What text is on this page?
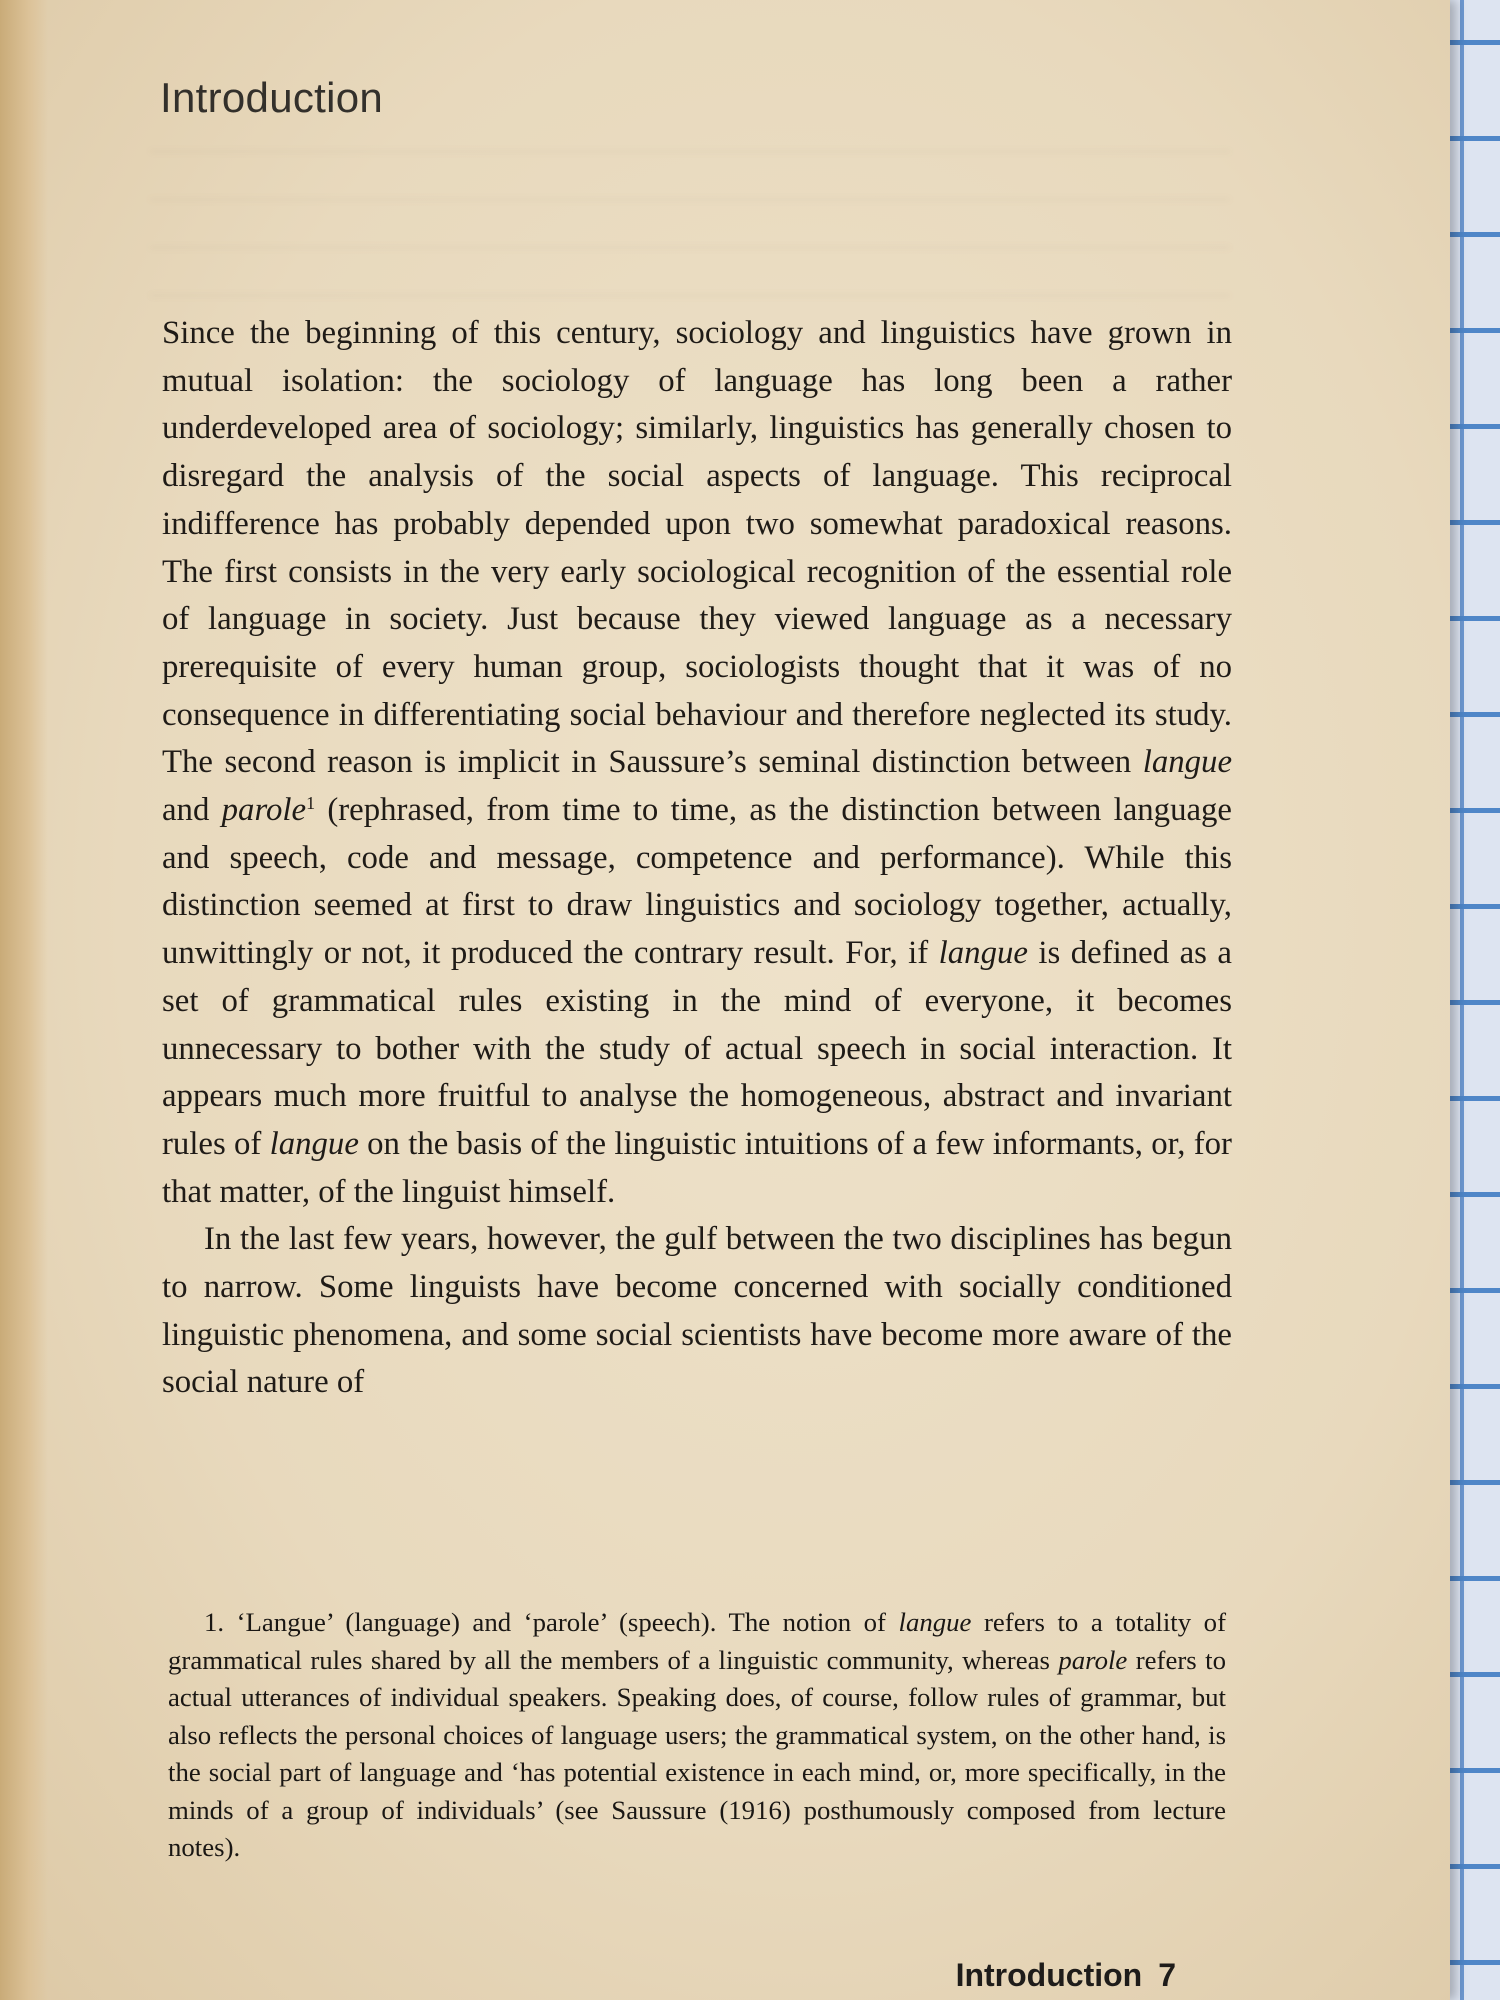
Introduction

Since the beginning of this century, sociology and linguistics have grown in mutual isolation: the sociology of language has long been a rather underdeveloped area of sociology; similarly, linguistics has generally chosen to disregard the analysis of the social aspects of language. This reciprocal indifference has probably depended upon two somewhat paradoxical reasons. The first consists in the very early sociological recognition of the essential role of language in society. Just because they viewed language as a necessary prerequisite of every human group, sociologists thought that it was of no consequence in differentiating social behaviour and therefore neglected its study. The second reason is implicit in Saussure’s seminal distinction between langue and parole$^1$ (rephrased, from time to time, as the distinction between language and speech, code and message, competence and performance). While this distinction seemed at first to draw linguistics and sociology together, actually, unwittingly or not, it produced the contrary result. For, if langue is defined as a set of grammatical rules existing in the mind of everyone, it becomes unnecessary to bother with the study of actual speech in social interaction. It appears much more fruitful to analyse the homogeneous, abstract and invariant rules of langue on the basis of the linguistic intuitions of a few informants, or, for that matter, of the linguist himself.

In the last few years, however, the gulf between the two disciplines has begun to narrow. Some linguists have become concerned with socially conditioned linguistic phenomena, and some social scientists have become more aware of the social nature of

1. ‘Langue’ (language) and ‘parole’ (speech). The notion of langue refers to a totality of grammatical rules shared by all the members of a linguistic community, whereas parole refers to actual utterances of individual speakers. Speaking does, of course, follow rules of grammar, but also reflects the personal choices of language users; the grammatical system, on the other hand, is the social part of language and ‘has potential existence in each mind, or, more specifically, in the minds of a group of individuals’ (see Saussure (1916) posthumously composed from lecture notes).

Introduction 7
